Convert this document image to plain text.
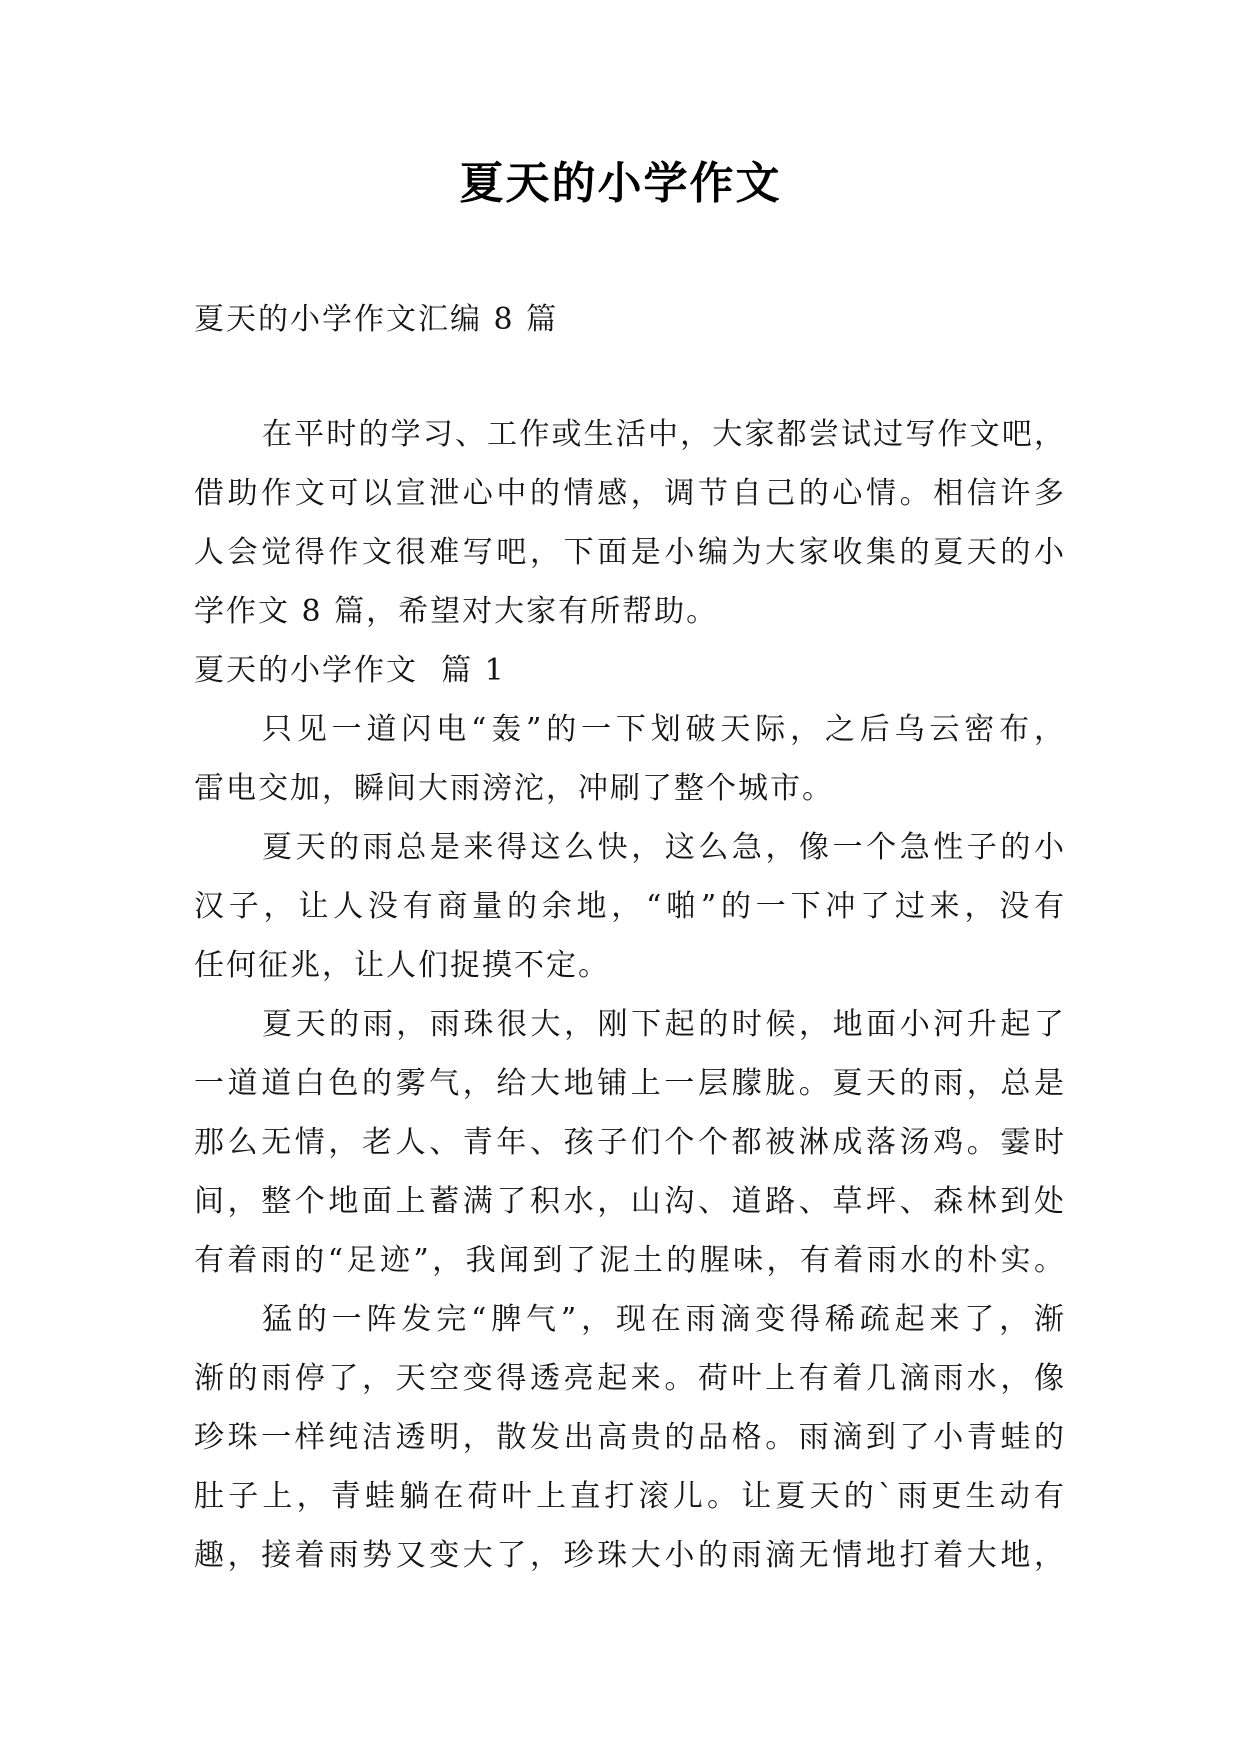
夏天的小学作文
夏天的小学作文汇编 8 篇

在平时的学习、工作或生活中，大家都尝试过写作文吧，
借助作文可以宣泄心中的情感，调节自己的心情。相信许多
人会觉得作文很难写吧，下面是小编为大家收集的夏天的小
学作文 8 篇，希望对大家有所帮助。

夏天的小学作文  篇 1

只见一道闪电“轰”的一下划破天际，之后乌云密布，
雷电交加，瞬间大雨滂沱，冲刷了整个城市。

夏天的雨总是来得这么快，这么急，像一个急性子的小
汉子，让人没有商量的余地，“啪”的一下冲了过来，没有
任何征兆，让人们捉摸不定。

夏天的雨，雨珠很大，刚下起的时候，地面小河升起了
一道道白色的雾气，给大地铺上一层朦胧。夏天的雨，总是
那么无情，老人、青年、孩子们个个都被淋成落汤鸡。霎时
间，整个地面上蓄满了积水，山沟、道路、草坪、森林到处
有着雨的“足迹”，我闻到了泥土的腥味，有着雨水的朴实。

猛的一阵发完“脾气”，现在雨滴变得稀疏起来了，渐
渐的雨停了，天空变得透亮起来。荷叶上有着几滴雨水，像
珍珠一样纯洁透明，散发出高贵的品格。雨滴到了小青蛙的
肚子上，青蛙躺在荷叶上直打滚儿。让夏天的`雨更生动有
趣，接着雨势又变大了，珍珠大小的雨滴无情地打着大地，
